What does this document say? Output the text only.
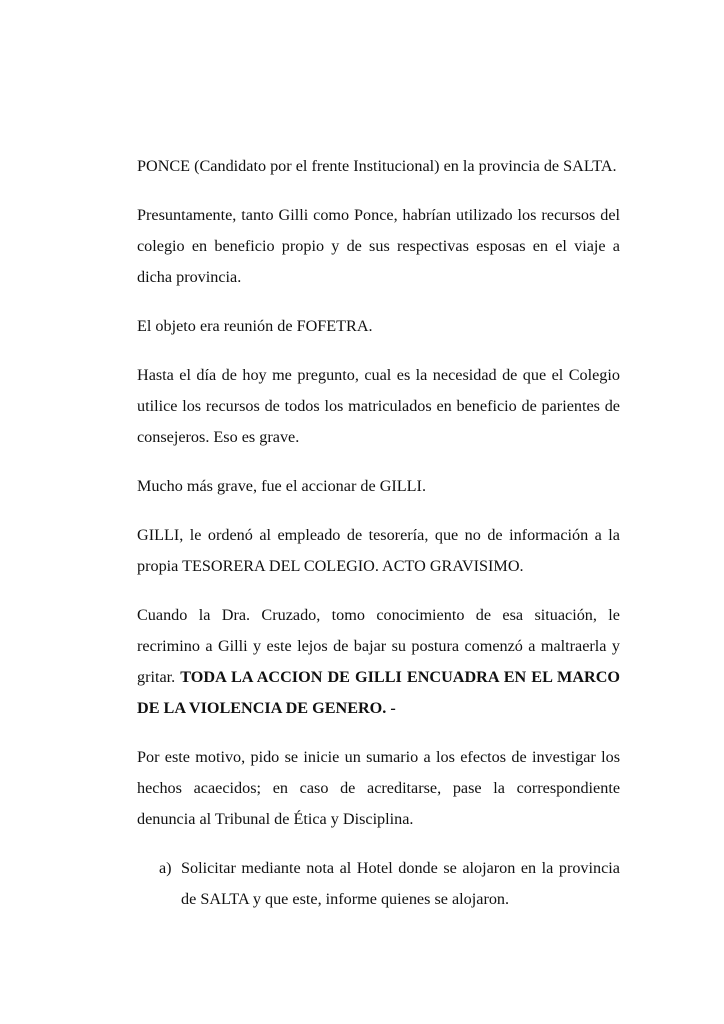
PONCE (Candidato por el frente Institucional) en la provincia de SALTA.

Presuntamente, tanto Gilli como Ponce, habrían utilizado los recursos del colegio en beneficio propio y de sus respectivas esposas en el viaje a dicha provincia.

El objeto era reunión de FOFETRA.

Hasta el día de hoy me pregunto, cual es la necesidad de que el Colegio utilice los recursos de todos los matriculados en beneficio de parientes de consejeros. Eso es grave.

Mucho más grave, fue el accionar de GILLI.

GILLI, le ordenó al empleado de tesorería, que no de información a la propia TESORERA DEL COLEGIO. ACTO GRAVISIMO.

Cuando la Dra. Cruzado, tomo conocimiento de esa situación, le recrimino a Gilli y este lejos de bajar su postura comenzó a maltraerla y gritar. TODA LA ACCION DE GILLI ENCUADRA EN EL MARCO DE LA VIOLENCIA DE GENERO. -

Por este motivo, pido se inicie un sumario a los efectos de investigar los hechos acaecidos; en caso de acreditarse, pase la correspondiente denuncia al Tribunal de Ética y Disciplina.

a) Solicitar mediante nota al Hotel donde se alojaron en la provincia de SALTA y que este, informe quienes se alojaron.
